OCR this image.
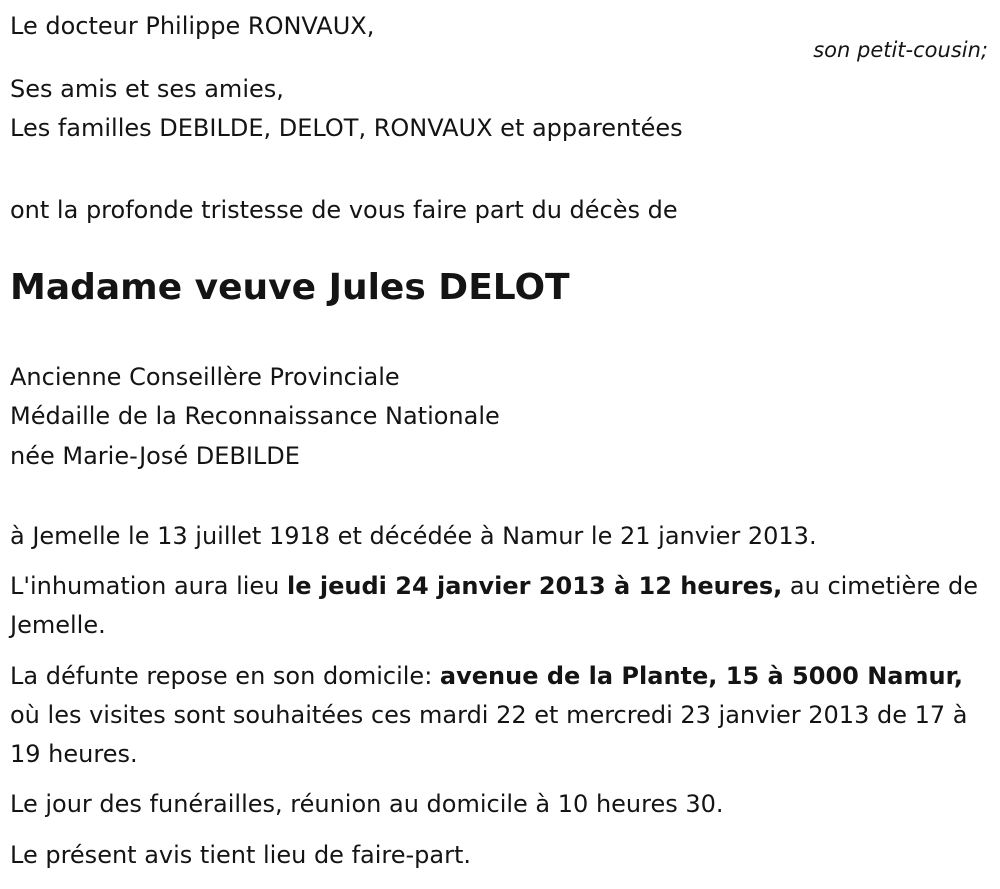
Le docteur Philippe RONVAUX,
son petit-cousin;
Ses amis et ses amies,
Les familles DEBILDE, DELOT, RONVAUX et apparentées
ont la profonde tristesse de vous faire part du décès de
Madame veuve Jules DELOT
Ancienne Conseillère Provinciale
Médaille de la Reconnaissance Nationale
née Marie-José DEBILDE
à Jemelle le 13 juillet 1918 et décédée à Namur le 21 janvier 2013.
L'inhumation aura lieu le jeudi 24 janvier 2013 à 12 heures, au cimetière de Jemelle.
La défunte repose en son domicile: avenue de la Plante, 15 à 5000 Namur, où les visites sont souhaitées ces mardi 22 et mercredi 23 janvier 2013 de 17 à 19 heures.
Le jour des funérailles, réunion au domicile à 10 heures 30.
Le présent avis tient lieu de faire-part.
